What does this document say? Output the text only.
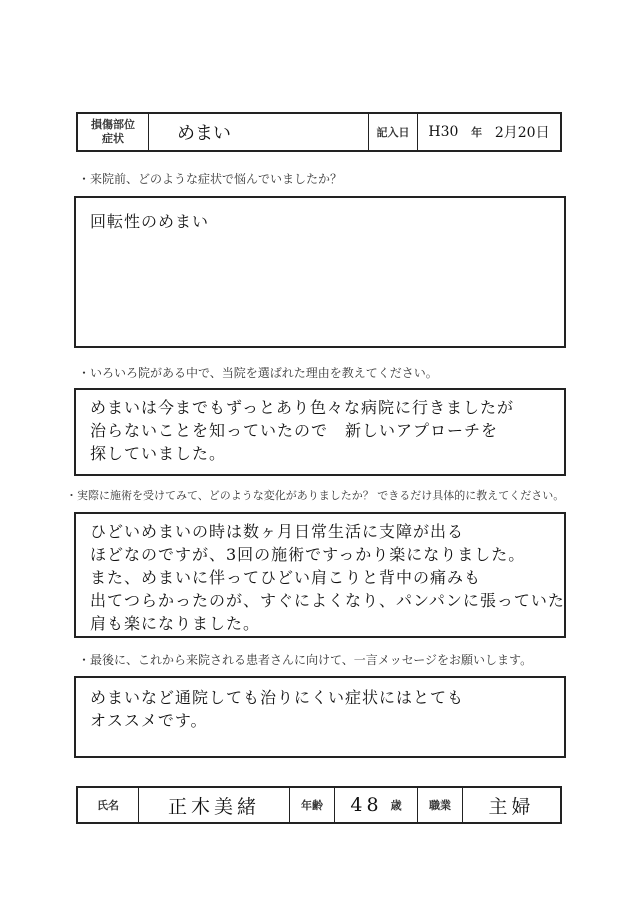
損傷部位
症状	めまい	記入日	H30 年 2月20日
・来院前、どのような症状で悩んでいましたか？
回転性のめまい
・いろいろ院がある中で、当院を選ばれた理由を教えてください。
めまいは今までもずっとあり色々な病院に行きましたが
治らないことを知っていたので　新しいアプローチを
探していました。
・実際に施術を受けてみて、どのような変化がありましたか？ できるだけ具体的に教えてください。
ひどいめまいの時は数ヶ月日常生活に支障が出る
ほどなのですが、3回の施術ですっかり楽になりました。
また、めまいに伴ってひどい肩こりと背中の痛みも
出てつらかったのが、すぐによくなり、パンパンに張っていた
肩も楽になりました。
・最後に、これから来院される患者さんに向けて、一言メッセージをお願いします。
めまいなど通院しても治りにくい症状にはとても
オススメです。
氏名	正木美緒	年齢	48 歳	職業	主婦
